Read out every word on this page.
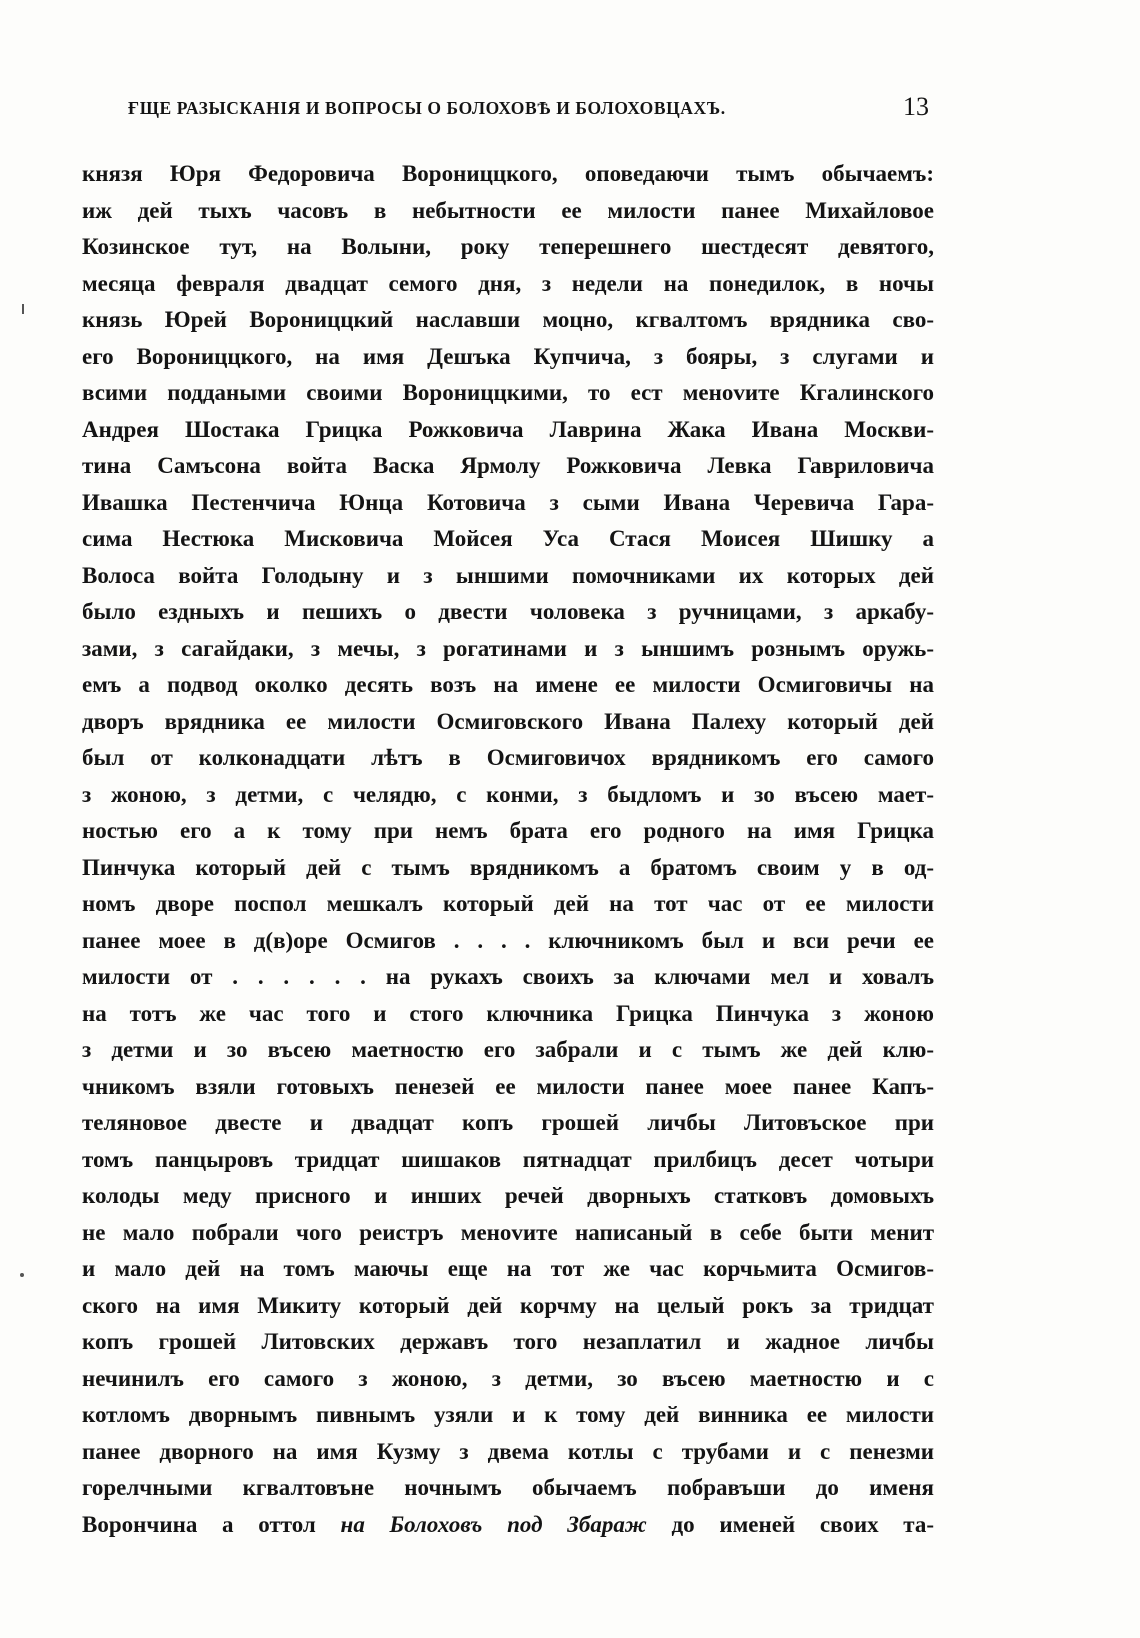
ҒЩЕ РАЗЫСКАНІЯ И ВОПРОСЫ О БОЛОХОВѢ И БОЛОХОВЦАХЪ.	13
князя Юря Федоровича Ворониццкого, оповедаючи тымъ обычаемъ:
иж дей тыхъ часовъ в небытности ее милости панее Михайловое
Козинское тут, на Волыни, року теперешнего шестдесят девятого,
месяца февраля двадцат семого дня, з недели на понедилок, в ночы
князь Юрей Ворониццкий наславши моцно, кгвалтомъ врядника сво-
его Ворониццкого, на имя Дешъка Купчича, з бояры, з слугами и
всими поддаными своими Ворониццкими, то ест менovите Кгалинского
Андрея Шостака Грицка Рожковича Лаврина Жака Ивана Москви-
тина Самъсона войта Васка Ярмолу Рожковича Левка Гавриловича
Ивашка Пестенчича Юнца Котовича з сыми Ивана Черевича Гара-
сима Нестюка Мисковича Мойсея Уса Стася Моисея Шишку а
Волоса войта Голодыну и з ыншими помочниками их которых дей
было ездныхъ и пешихъ о двести чоловека з ручницами, з аркабу-
зами, з сагайдаки, з мечы, з рогатинами и з ыншимъ рознымъ оружь-
емъ а подвод околко десять возъ на имене ее милости Осмиговичы на
дворъ врядника ее милости Осмиговского Ивана Палеху который дей
был от колконадцати лѣтъ в Осмиговичох врядникомъ его самого
з жоною, з детми, с челядю, с конми, з быдломъ и зо въсею мает-
ностью его а к тому при немъ брата его родного на имя Грицка
Пинчука который дей с тымъ врядникомъ а братомъ своим у в од-
номъ дворе поспол мешкалъ который дей на тот час от ее милости
панее моее в д(в)оре Осмигов . . . . ключникомъ был и вси речи ее
милости от . . . . . . на рукахъ своихъ за ключами мел и ховалъ
на тотъ же час того и стого ключника Грицка Пинчука з жоною
з детми и зо въсею маетностю его забрали и с тымъ же дей клю-
чникомъ взяли готовыхъ пенезей ее милости панее моее панее Капъ-
теляновое двесте и двадцат копъ грошей личбы Литовъское при
томъ панцыровъ тридцат шишаков пятнадцат прилбицъ десет чотыри
колоды меду присного и инших речей дворныхъ статковъ домовыхъ
не мало побрали чого реистръ менovите написаный в себе быти менит
и мало дей на томъ маючы еще на тот же час корчьмита Осмигов-
ского на имя Микиту который дей корчму на целый рокъ за тридцат
копъ грошей Литовских державъ того незаплатил и жадное личбы
нечинилъ его самого з жоною, з детми, зо въсею маетностю и с
котломъ дворнымъ пивнымъ узяли и к тому дей винника ее милости
панее дворного на имя Кузму з двема котлы с трубами и с пенезми
горелчными кгвалтовъне ночнымъ обычаемъ побравъши до именя
Ворончина а оттол на Болоховъ под Збараж до именей своих та-
